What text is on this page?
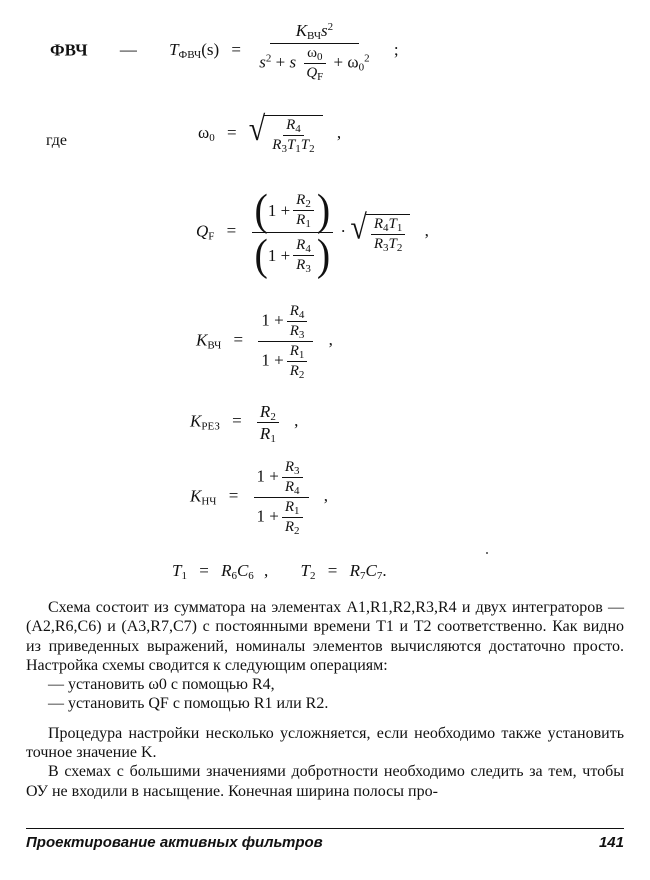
ФВЧ — $T_{ФВЧ}(s) = \frac{K_{ВЧ}s^2}{s^2 + s \frac{\omega_0}{Q_F} + \omega_0^2}$ ;
где	$\omega_0$ = √ $\frac{R_4}{R_3T_1T_2}$ ,
$Q_F$ = ( 1
+ $\frac{R_2}{R_1}$ )
( 1
+ $\frac{R_4}{R_3}$ ) · √ $\frac{R_4T_1}{R_3T_2}$ ,
$K_{ВЧ} = \frac{1 + \frac{R_4}{R_3}}{1 + \frac{R_1}{R_2}}$ ,
$K_{РЕЗ} = \frac{R_2}{R_1}$ ,
$K_{НЧ} = \frac{1 + \frac{R_3}{R_4}}{1 + \frac{R_1}{R_2}}$ ,
$T_1 = R_6C_6$ , $T_2 = R_7C_7$.

Схема состоит из сумматора на элементах A1,R1,R2,R3,R4 и двух интеграторов — (A2,R6,C6) и (A3,R7,C7) с постоянными времени T1 и T2 соответственно. Как видно из приведенных выражений, номиналы элементов вычисляются достаточно просто. Настройка схемы сводится к следующим операциям:

— установить ω0 с помощью R4,

— установить QF с помощью R1 или R2.

Процедура настройки несколько усложняется, если необходимо также установить точное значение K.

В схемах с большими значениями добротности необходимо следить за тем, чтобы ОУ не входили в насыщение. Конечная ширина полосы про-

Проектирование активных фильтров	141
